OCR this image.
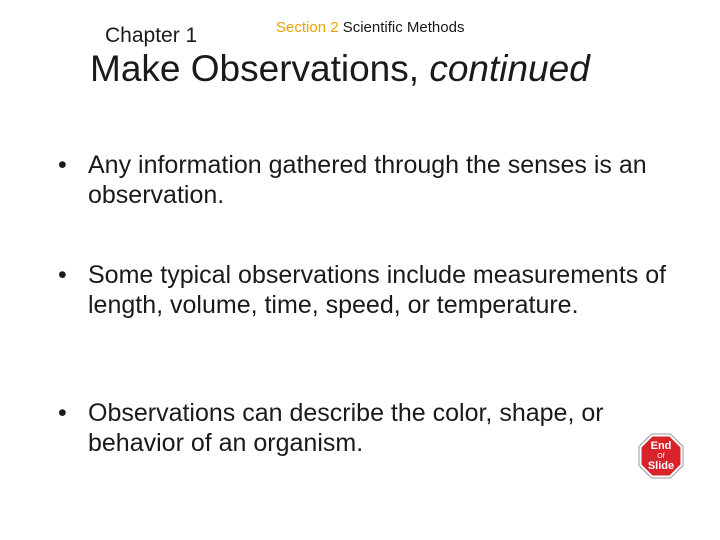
Chapter 1	Section 2 Scientific Methods
Make Observations, continued
• Any information gathered through the senses is an observation.
• Some typical observations include measurements of length, volume, time, speed, or temperature.
• Observations can describe the color, shape, or behavior of an organism.	End
Of
Slide
